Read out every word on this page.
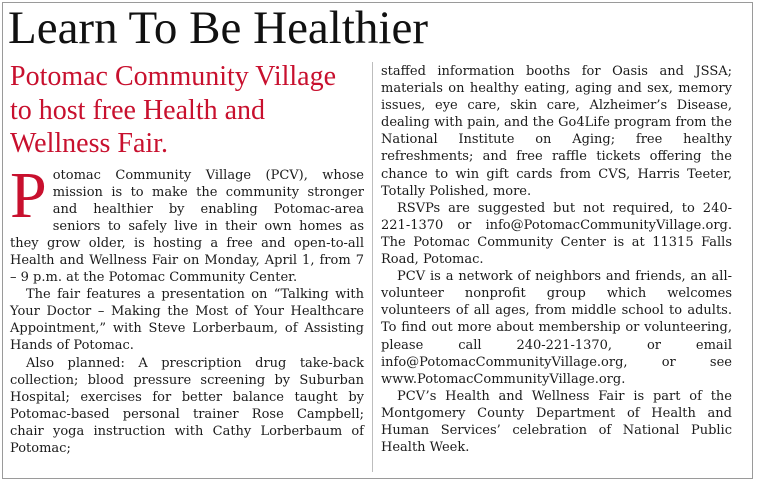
Learn To Be Healthier
Potomac Community Village to host free Health and Wellness Fair.

Potomac Community Village (PCV), whose mission is to make the community stronger and healthier by enabling Potomac-area seniors to safely live in their own homes as they grow older, is hosting a free and open-to-all Health and Wellness Fair on Monday, April 1, from 7 – 9 p.m. at the Potomac Community Center.

The fair features a presentation on “Talking with Your Doctor – Making the Most of Your Healthcare Appointment,” with Steve Lorberbaum, of Assisting Hands of Potomac.

Also planned: A prescription drug take-back collection; blood pressure screening by Suburban Hospital; exercises for better balance taught by Potomac-based personal trainer Rose Campbell; chair yoga instruction with Cathy Lorberbaum of Potomac;

staffed information booths for Oasis and JSSA; materials on healthy eating, aging and sex, memory issues, eye care, skin care, Alzheimer’s Disease, dealing with pain, and the Go4Life program from the National Institute on Aging; free healthy refreshments; and free raffle tickets offering the chance to win gift cards from CVS, Harris Teeter, Totally Polished, more.

RSVPs are suggested but not required, to 240-221-1370 or info@PotomacCommunityVillage.org. The Potomac Community Center is at 11315 Falls Road, Potomac.

PCV is a network of neighbors and friends, an all-volunteer nonprofit group which welcomes volunteers of all ages, from middle school to adults. To find out more about membership or volunteering, please call 240-221-1370, or email info@PotomacCommunityVillage.org, or see www.PotomacCommunityVillage.org.

PCV’s Health and Wellness Fair is part of the Montgomery County Department of Health and Human Services’ celebration of National Public Health Week.
